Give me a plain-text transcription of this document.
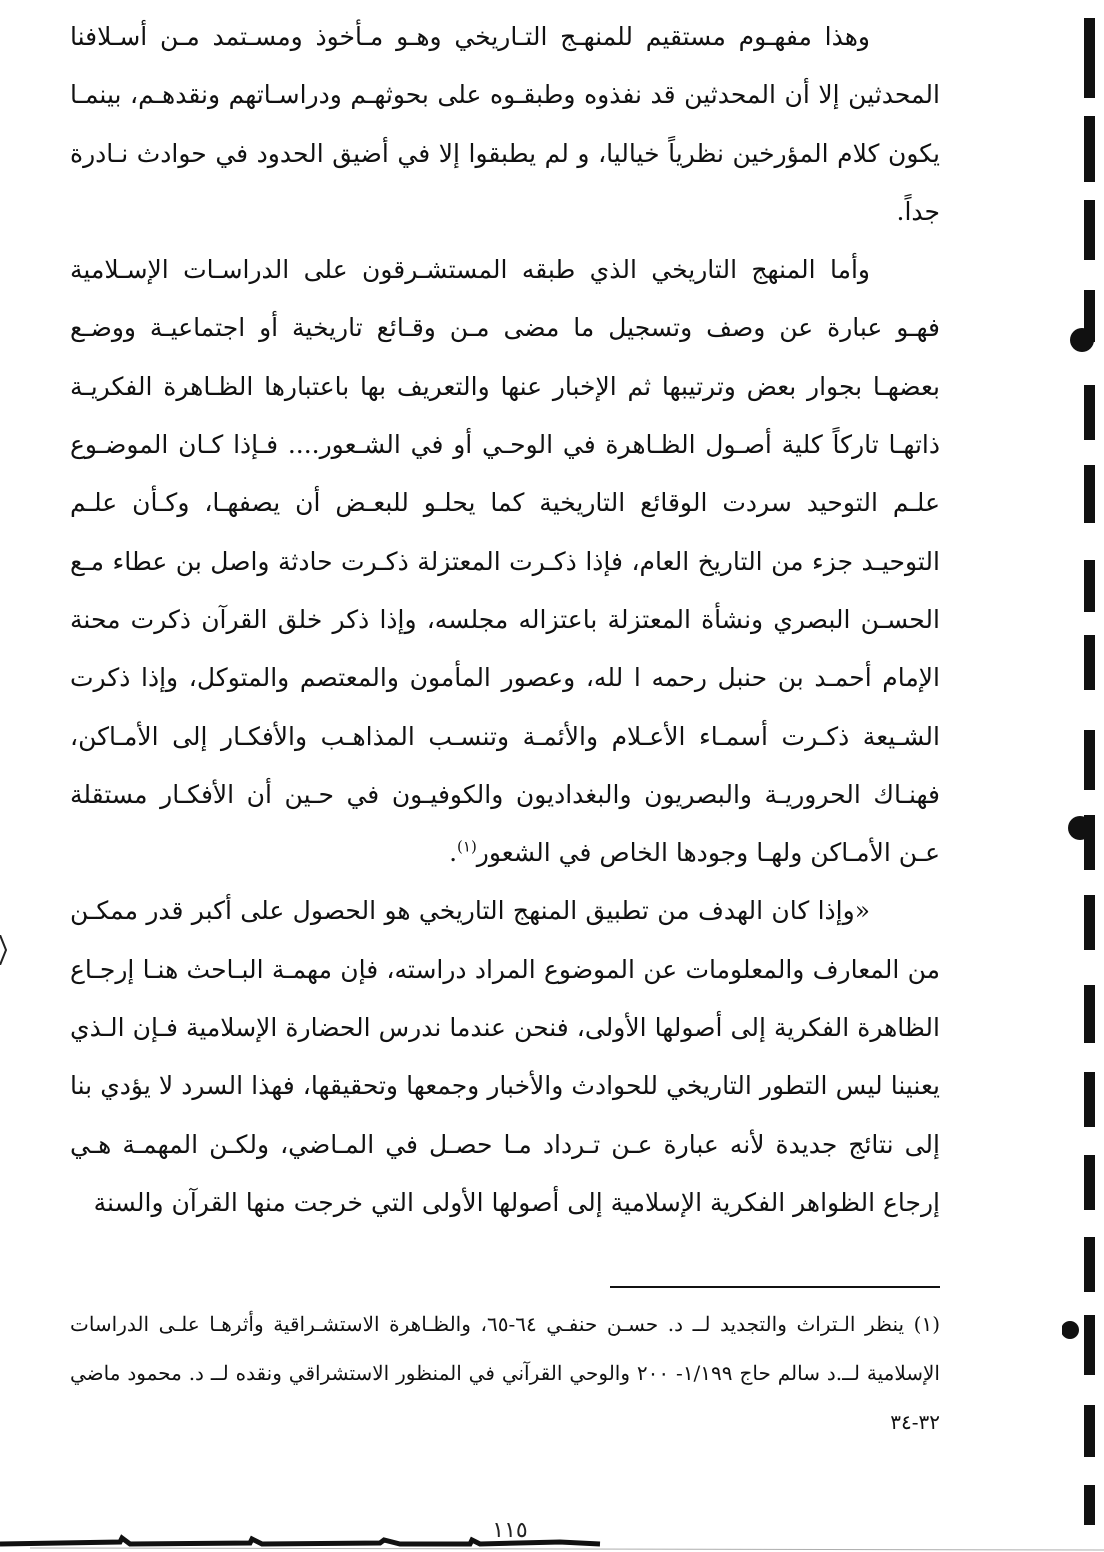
وهذا مفهـوم مستقيم للمنهـج التـاريخي وهـو مـأخوذ ومسـتمد مـن أسـلافنا المحدثين إلا أن المحدثين قد نفذوه وطبقـوه على بحوثهـم ودراسـاتهم ونقدهـم، بينمـا يكون كلام المؤرخين نظرياً خياليا، و لم يطبقوا إلا في أضيق الحدود في حوادث نـادرة جداً.

وأما المنهج التاريخي الذي طبقه المستشـرقون على الدراسـات الإسـلامية فهـو عبارة عن وصف وتسجيل ما مضى مـن وقـائع تاريخية أو اجتماعيـة ووضـع بعضهـا بجوار بعض وترتيبها ثم الإخبار عنها والتعريف بها باعتبارها الظـاهرة الفكريـة ذاتهـا تاركاً كلية أصـول الظـاهرة في الوحـي أو في الشـعور.... فـإذا كـان الموضـوع علـم التوحيد سردت الوقائع التاريخية كما يحلـو للبعـض أن يصفهـا، وكـأن علـم التوحيـد جزء من التاريخ العام، فإذا ذكـرت المعتزلة ذكـرت حادثة واصل بن عطاء مـع الحسـن البصري ونشأة المعتزلة باعتزاله مجلسه، وإذا ذكر خلق القرآن ذكرت محنة الإمام أحمـد بن حنبل رحمه ا لله، وعصور المأمون والمعتصم والمتوكل، وإذا ذكرت الشـيعة ذكـرت أسمـاء الأعـلام والأئمـة وتنسـب المذاهـب والأفكـار إلى الأمـاكن، فهنـاك الحروريـة والبصريون والبغداديون والكوفيـون في حـين أن الأفكـار مستقلة عـن الأمـاكن ولهـا وجودها الخاص في الشعور$^{(١)}$.

«وإذا كان الهدف من تطبيق المنهج التاريخي هو الحصول على أكبر قدر ممكـن من المعارف والمعلومات عن الموضوع المراد دراسته، فإن مهمـة البـاحث هنـا إرجـاع الظاهرة الفكرية إلى أصولها الأولى، فنحن عندما ندرس الحضارة الإسلامية فـإن الـذي يعنينا ليس التطور التاريخي للحوادث والأخبار وجمعها وتحقيقها، فهذا السرد لا يؤدي بنا إلى نتائج جديدة لأنه عبارة عـن تـرداد مـا حصـل في المـاضي، ولكـن المهمـة هـي إرجاع الظواهر الفكرية الإسلامية إلى أصولها الأولى التي خرجت منها القرآن والسنة

(١) ينظر الـتراث والتجديد لــ د. حسـن حنفـي ٦٤-٦٥، والظـاهرة الاستشـراقية وأثرهـا علـى الدراسات الإسلامية لــ.د سالم حاج ١/١٩٩- ٢٠٠ والوحي القرآني في المنظور الاستشراقي ونقده لــ د. محمود ماضي ٣٢-٣٤

١١٥
